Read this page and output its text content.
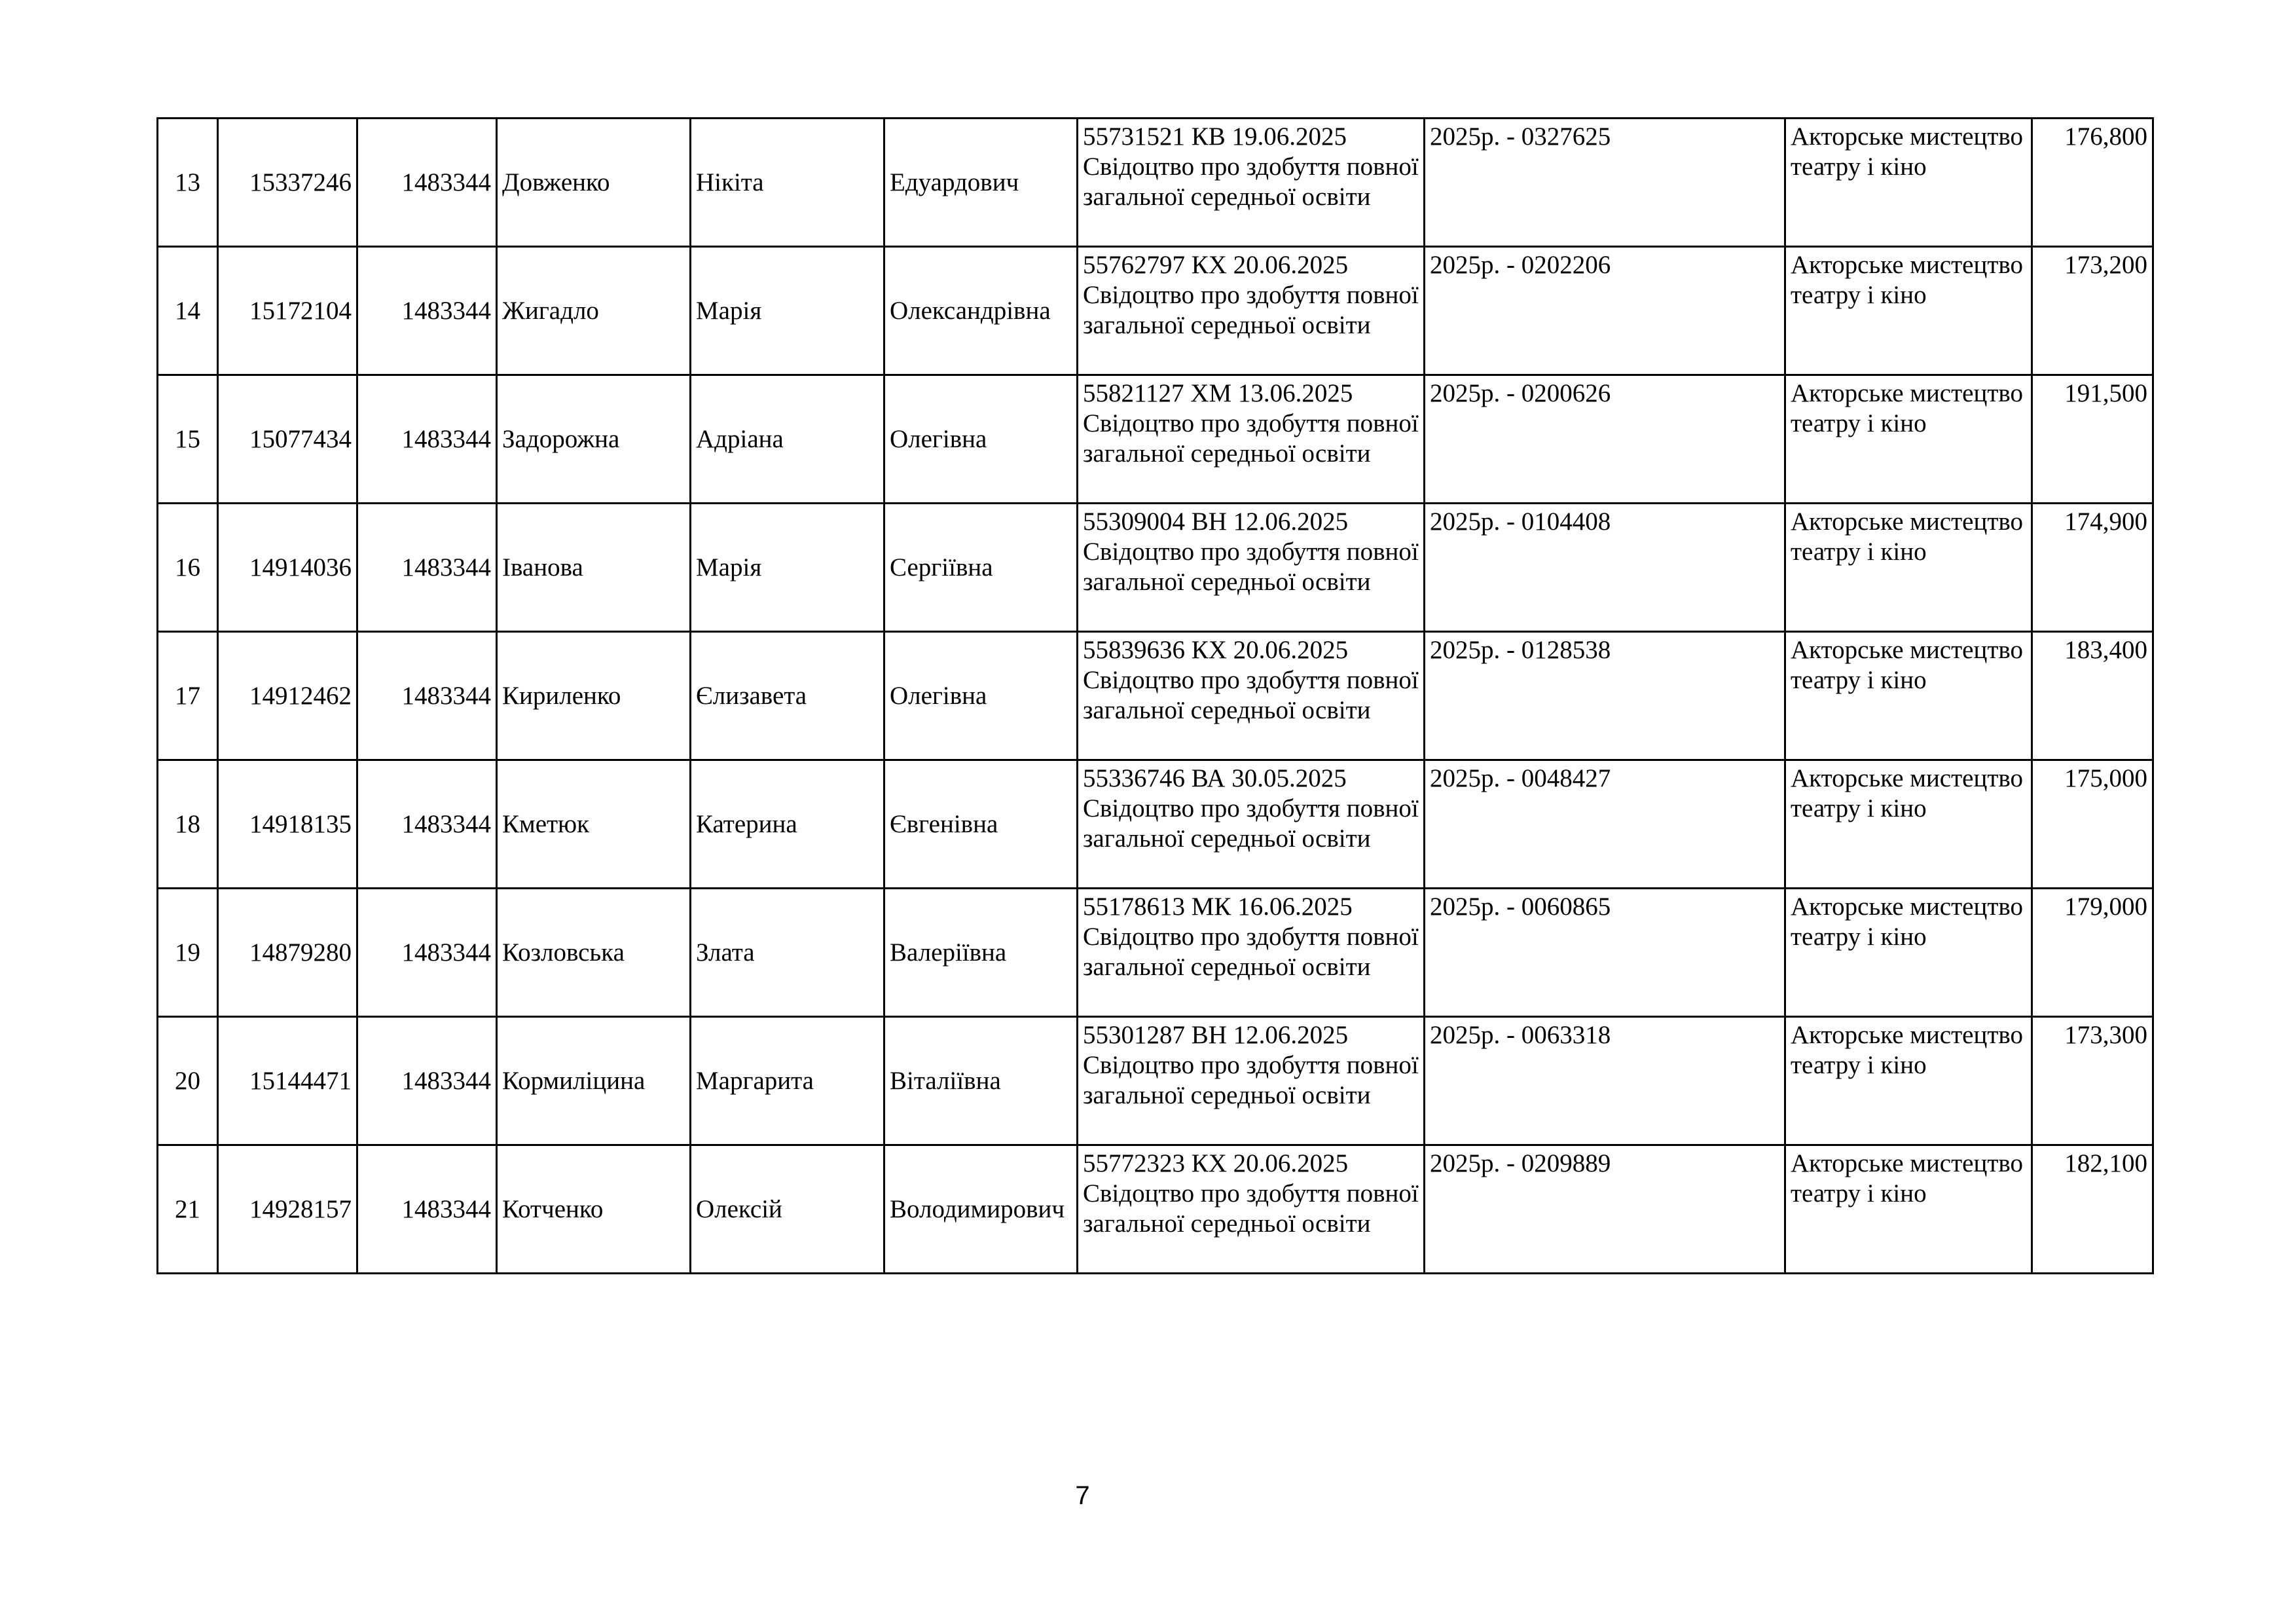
13	15337246	1483344	Довженко	Нікіта	Едуардович	55731521 КВ 19.06.2025 Свідоцтво про здобуття повної загальної середньої освіти	2025р. - 0327625	Акторське мистецтво театру і кіно	176,800
14	15172104	1483344	Жигадло	Марія	Олександрівна	55762797 КХ 20.06.2025 Свідоцтво про здобуття повної загальної середньої освіти	2025р. - 0202206	Акторське мистецтво театру і кіно	173,200
15	15077434	1483344	Задорожна	Адріана	Олегівна	55821127 ХМ 13.06.2025 Свідоцтво про здобуття повної загальної середньої освіти	2025р. - 0200626	Акторське мистецтво театру і кіно	191,500
16	14914036	1483344	Іванова	Марія	Сергіївна	55309004 ВН 12.06.2025 Свідоцтво про здобуття повної загальної середньої освіти	2025р. - 0104408	Акторське мистецтво театру і кіно	174,900
17	14912462	1483344	Кириленко	Єлизавета	Олегівна	55839636 КХ 20.06.2025 Свідоцтво про здобуття повної загальної середньої освіти	2025р. - 0128538	Акторське мистецтво театру і кіно	183,400
18	14918135	1483344	Кметюк	Катерина	Євгенівна	55336746 ВА 30.05.2025 Свідоцтво про здобуття повної загальної середньої освіти	2025р. - 0048427	Акторське мистецтво театру і кіно	175,000
19	14879280	1483344	Козловська	Злата	Валеріївна	55178613 МК 16.06.2025 Свідоцтво про здобуття повної загальної середньої освіти	2025р. - 0060865	Акторське мистецтво театру і кіно	179,000
20	15144471	1483344	Кормиліцина	Маргарита	Віталіївна	55301287 ВН 12.06.2025 Свідоцтво про здобуття повної загальної середньої освіти	2025р. - 0063318	Акторське мистецтво театру і кіно	173,300
21	14928157	1483344	Котченко	Олексій	Володимирович	55772323 КХ 20.06.2025 Свідоцтво про здобуття повної загальної середньої освіти	2025р. - 0209889	Акторське мистецтво театру і кіно	182,100
7
